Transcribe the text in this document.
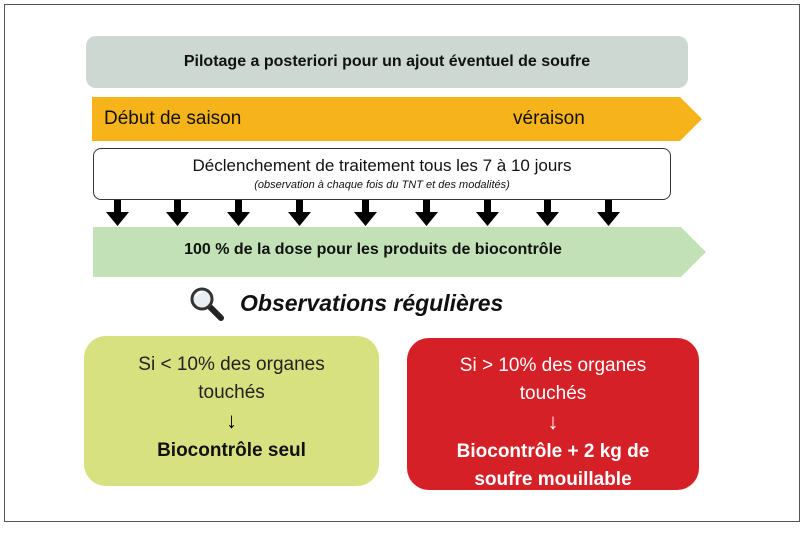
Pilotage a posteriori pour un ajout éventuel de soufre
Début de saison	véraison
100 % de la dose pour les produits de biocontrôle
Déclenchement de traitement tous les 7 à 10 jours
(observation à chaque fois du TNT et des modalités)
Observations régulières
Si < 10% des organes
touchés
↓
Biocontrôle seul
Si > 10% des organes
touchés
↓
Biocontrôle + 2 kg de
soufre mouillable
